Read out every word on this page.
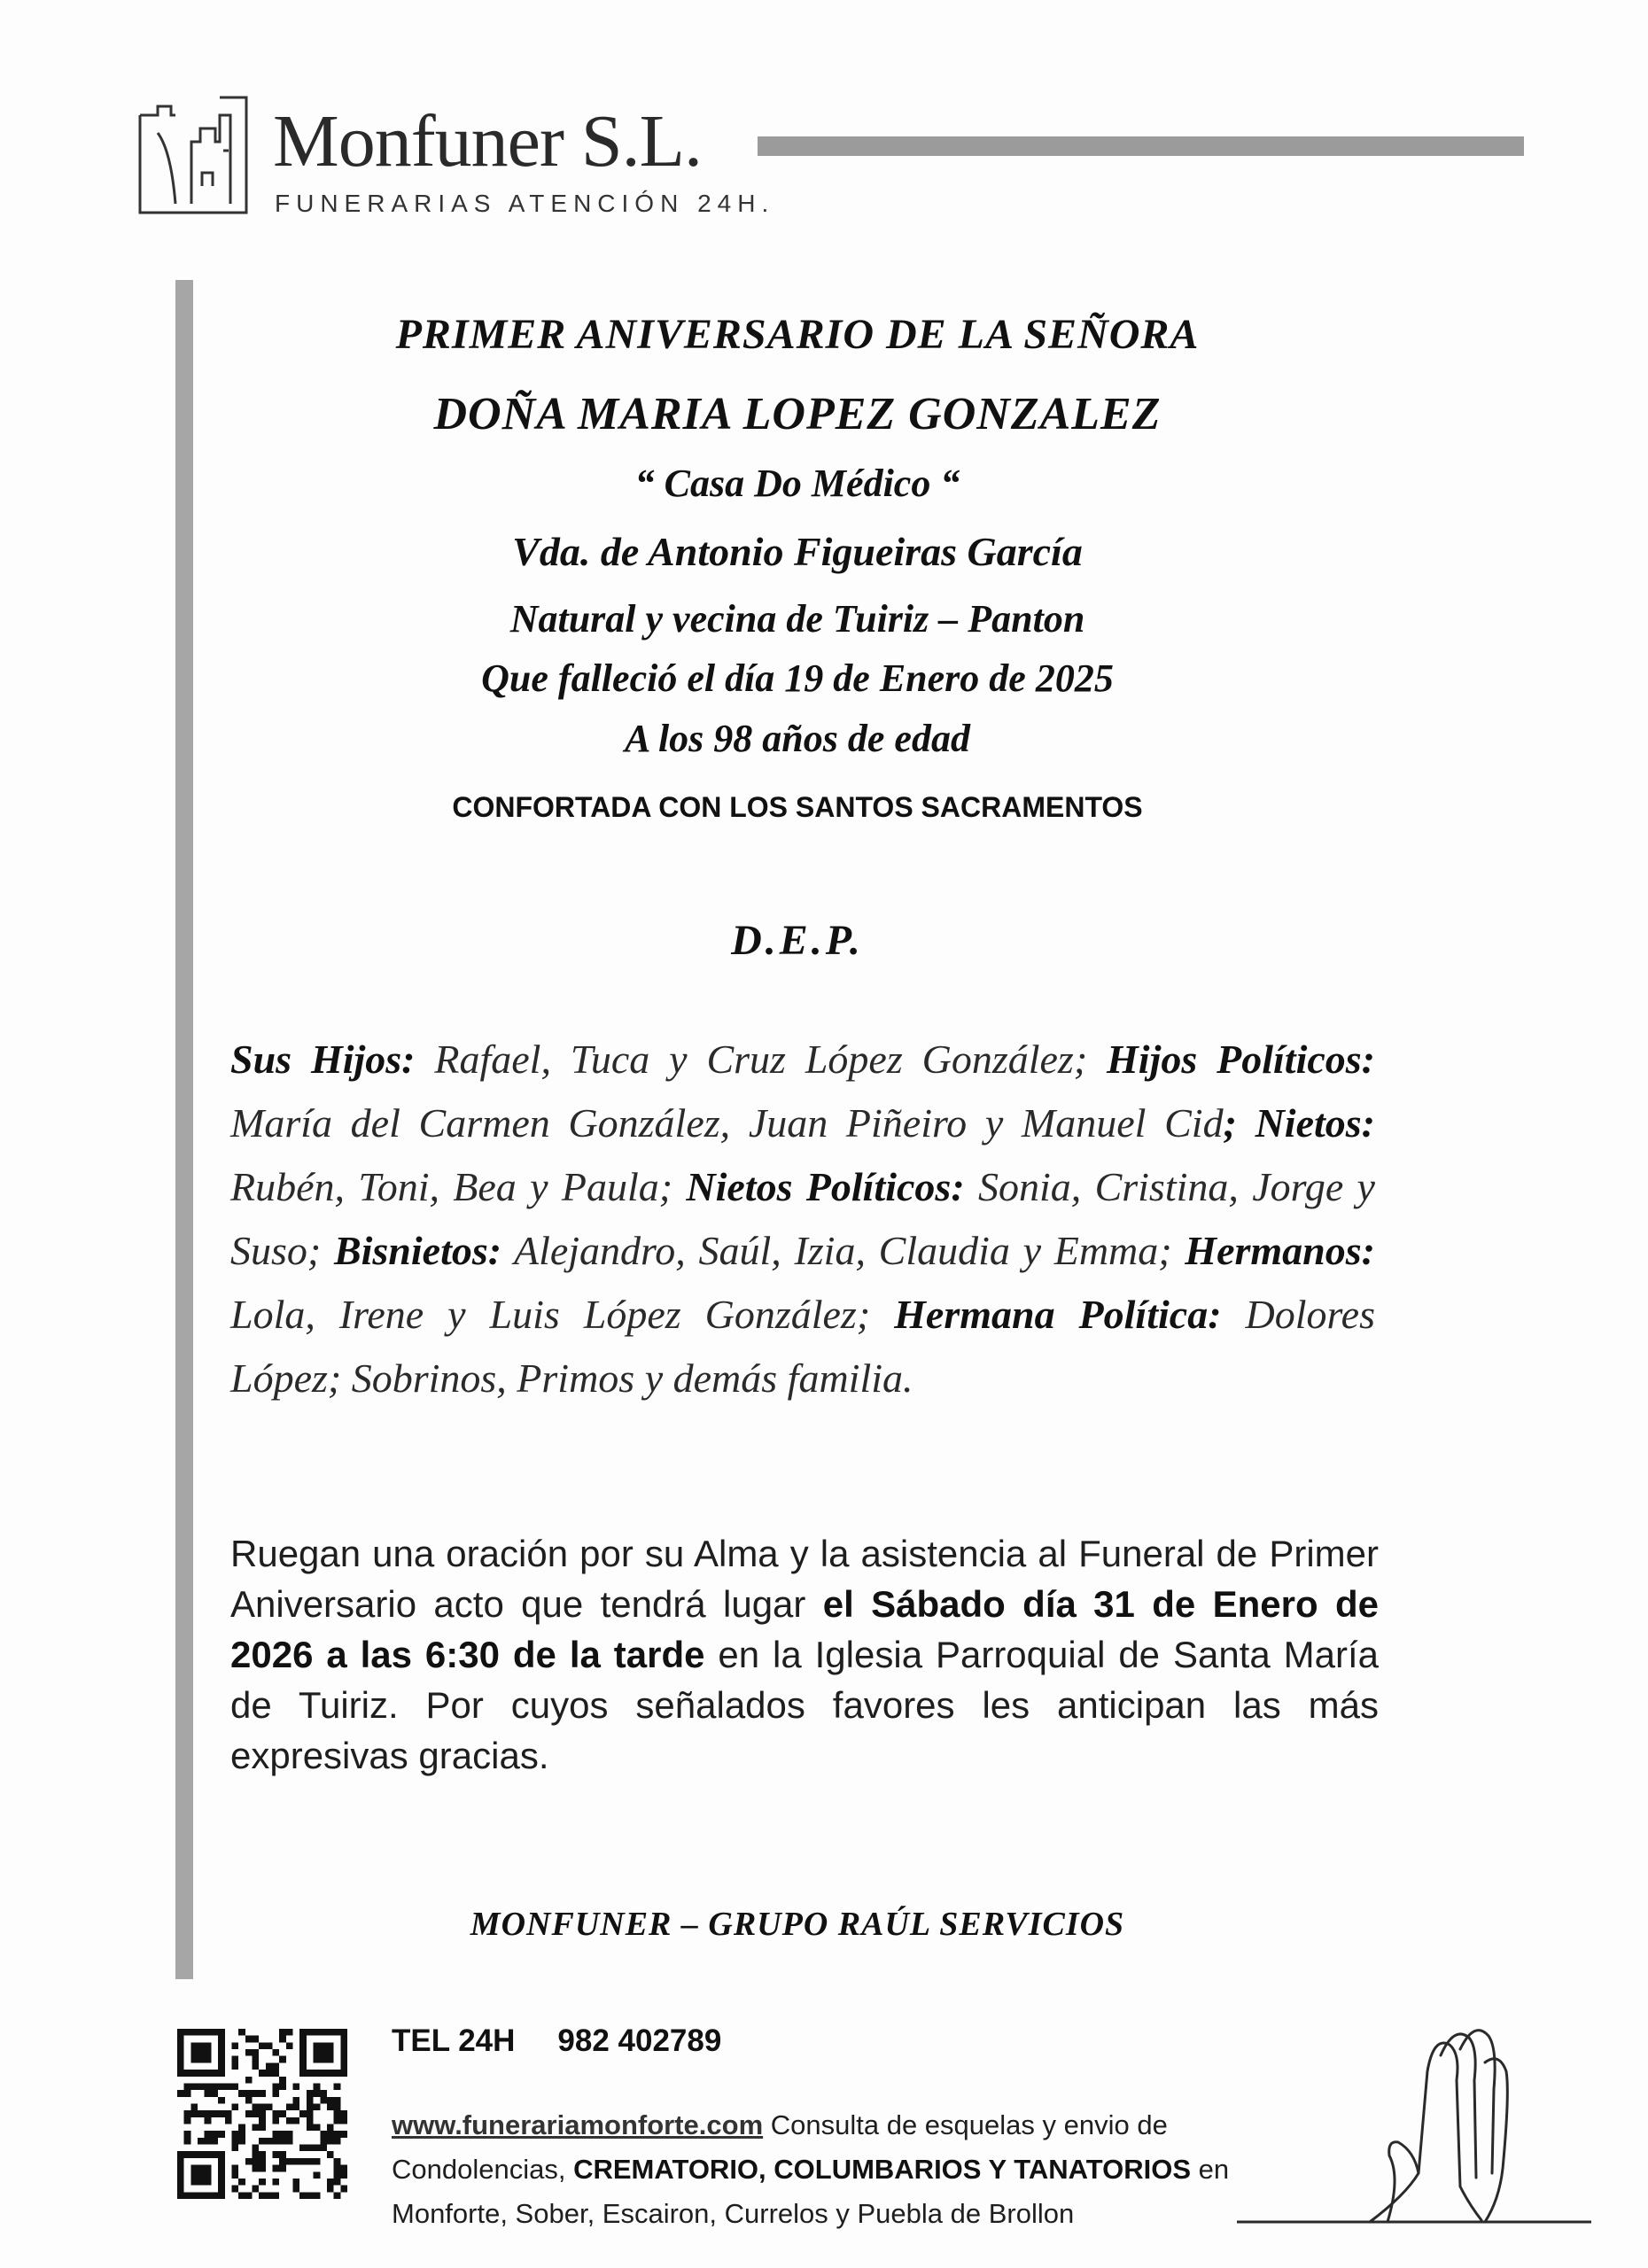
Monfuner S.L.
FUNERARIAS ATENCIÓN 24H.
PRIMER ANIVERSARIO DE LA SEÑORA
DOÑA MARIA LOPEZ GONZALEZ
“ Casa Do Médico “
Vda. de Antonio Figueiras García
Natural y vecina de Tuiriz – Panton
Que falleció el día 19 de Enero de 2025
A los 98 años de edad
CONFORTADA CON LOS SANTOS SACRAMENTOS
D.E.P.
Sus Hijos: Rafael, Tuca y Cruz López González; Hijos Políticos: María del Carmen González, Juan Piñeiro y Manuel Cid; Nietos: Rubén, Toni, Bea y Paula; Nietos Políticos: Sonia, Cristina, Jorge y Suso; Bisnietos: Alejandro, Saúl, Izia, Claudia y Emma; Hermanos: Lola, Irene y Luis López González; Hermana Política: Dolores López; Sobrinos, Primos y demás familia.
Ruegan una oración por su Alma y la asistencia al Funeral de Primer Aniversario acto que tendrá lugar el Sábado día 31 de Enero de 2026 a las 6:30 de la tarde en la Iglesia Parroquial de Santa María de Tuiriz. Por cuyos señalados favores les anticipan las más expresivas gracias.
MONFUNER – GRUPO RAÚL SERVICIOS
TEL 24H 982 402789
www.funerariamonforte.com Consulta de esquelas y envio de Condolencias, CREMATORIO, COLUMBARIOS Y TANATORIOS en Monforte, Sober, Escairon, Currelos y Puebla de Brollon
